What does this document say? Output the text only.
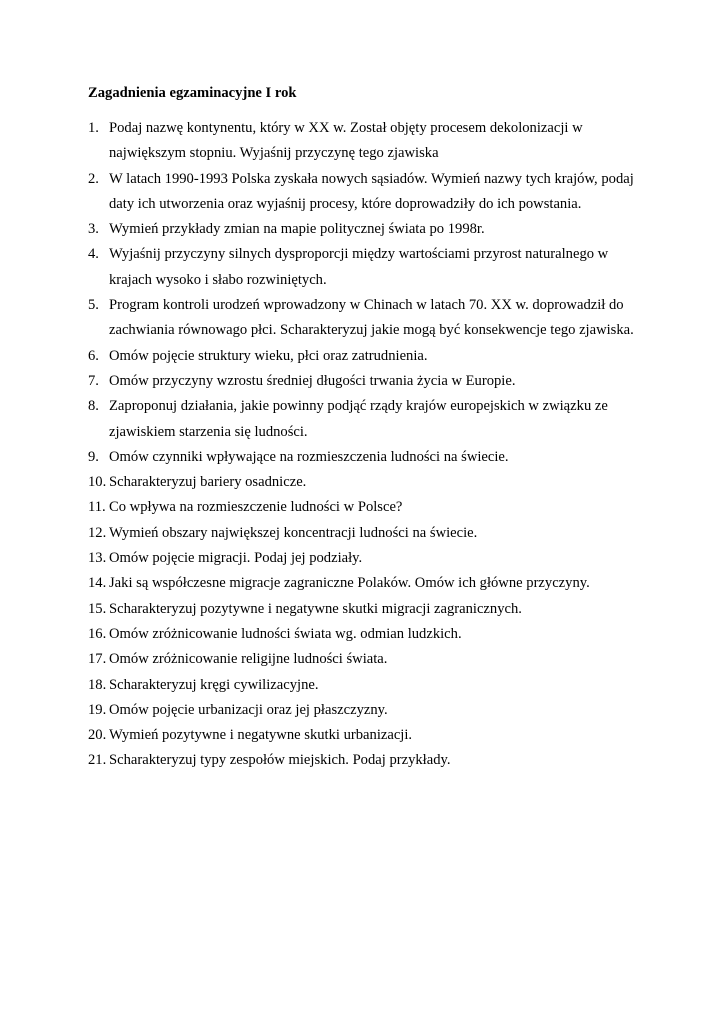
Zagadnienia egzaminacyjne I rok
1. Podaj nazwę kontynentu, który w XX w. Został objęty procesem dekolonizacji w
największym stopniu. Wyjaśnij przyczynę tego zjawiska
2. W latach 1990-1993 Polska zyskała nowych sąsiadów. Wymień nazwy tych krajów, podaj
daty ich utworzenia oraz wyjaśnij procesy, które doprowadziły do ich powstania.
3. Wymień przykłady zmian na mapie politycznej świata po 1998r.
4. Wyjaśnij przyczyny silnych dysproporcji między wartościami przyrost naturalnego w
krajach wysoko i słabo rozwiniętych.
5. Program kontroli urodzeń wprowadzony w Chinach w latach 70. XX w. doprowadził do
zachwiania równowago płci. Scharakteryzuj jakie mogą być konsekwencje tego zjawiska.
6. Omów pojęcie struktury wieku, płci oraz zatrudnienia.
7. Omów przyczyny wzrostu średniej długości trwania życia w Europie.
8. Zaproponuj działania, jakie powinny podjąć rządy krajów europejskich w związku ze
zjawiskiem starzenia się ludności.
9. Omów czynniki wpływające na rozmieszczenia ludności na świecie.
10. Scharakteryzuj bariery osadnicze.
11. Co wpływa na rozmieszczenie ludności w Polsce?
12. Wymień obszary największej koncentracji ludności na świecie.
13. Omów pojęcie migracji. Podaj jej podziały.
14. Jaki są współczesne migracje zagraniczne Polaków. Omów ich główne przyczyny.
15. Scharakteryzuj pozytywne i negatywne skutki migracji zagranicznych.
16. Omów zróżnicowanie ludności świata wg. odmian ludzkich.
17. Omów zróżnicowanie religijne ludności świata.
18. Scharakteryzuj kręgi cywilizacyjne.
19. Omów pojęcie urbanizacji oraz jej płaszczyzny.
20. Wymień pozytywne i negatywne skutki urbanizacji.
21. Scharakteryzuj typy zespołów miejskich. Podaj przykłady.
